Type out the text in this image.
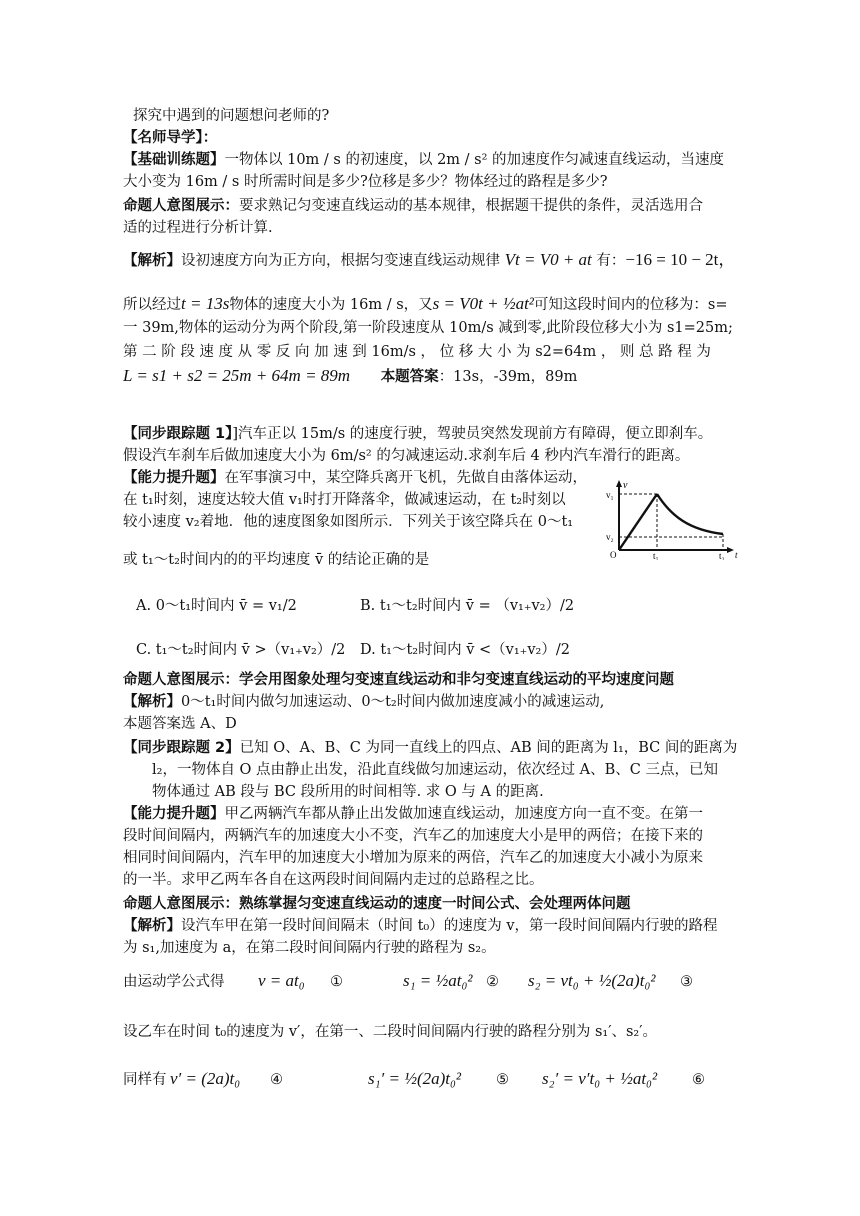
探究中遇到的问题想问老师的?
【名师导学】：
【基础训练题】一物体以 10m / s 的初速度，以 2m / s² 的加速度作匀减速直线运动，当速度
大小变为 16m / s 时所需时间是多少?位移是多少？物体经过的路程是多少?
命题人意图展示：要求熟记匀变速直线运动的基本规律，根据题干提供的条件，灵活选用合
适的过程进行分析计算.
【解析】设初速度方向为正方向，根据匀变速直线运动规律 Vt = V0 + at 有：−16 = 10 − 2t，
所以经过t = 13s物体的速度大小为 16m / s，又s = V0t + ½at²可知这段时间内的位移为：s=
一 39m,物体的运动分为两个阶段,第一阶段速度从 10m/s 减到零,此阶段位移大小为 s1=25m;
第 二 阶 段 速 度 从 零 反 向 加 速 到 16m/s ， 位 移 大 小 为 s2=64m ， 则 总 路 程 为
L = s1 + s2 = 25m + 64m = 89m 本题答案：13s，-39m，89m
【同步跟踪题 1】]汽车正以 15m/s 的速度行驶，驾驶员突然发现前方有障碍，便立即刹车。
假设汽车刹车后做加速度大小为 6m/s² 的匀减速运动.求刹车后 4 秒内汽车滑行的距离。
【能力提升题】在军事演习中，某空降兵离开飞机，先做自由落体运动，
在 t₁时刻，速度达较大值 v₁时打开降落伞，做减速运动，在 t₂时刻以
较小速度 v₂着地．他的速度图象如图所示．下列关于该空降兵在 0～t₁
或 t₁～t₂时间内的的平均速度 v̄ 的结论正确的是
v
v₁
v₂
O	t₁	t₂ t
A. 0～t₁时间内 v̄ = v₁/2	B. t₁～t₂时间内 v̄ = （v₁₊v₂）/2
C. t₁～t₂时间内 v̄ >（v₁₊v₂）/2 D. t₁～t₂时间内 v̄ <（v₁₊v₂）/2
命题人意图展示：学会用图象处理匀变速直线运动和非匀变速直线运动的平均速度问题
【解析】0～t₁时间内做匀加速运动、0～t₂时间内做加速度减小的减速运动,
本题答案选 A、D
【同步跟踪题 2】已知 O、A、B、C 为同一直线上的四点、AB 间的距离为 l₁，BC 间的距离为
l₂，一物体自 O 点由静止出发，沿此直线做匀加速运动，依次经过 A、B、C 三点，已知
物体通过 AB 段与 BC 段所用的时间相等. 求 O 与 A 的距离.
【能力提升题】甲乙两辆汽车都从静止出发做加速直线运动，加速度方向一直不变。在第一
段时间间隔内，两辆汽车的加速度大小不变，汽车乙的加速度大小是甲的两倍；在接下来的
相同时间间隔内，汽车甲的加速度大小增加为原来的两倍，汽车乙的加速度大小减小为原来
的一半。求甲乙两车各自在这两段时间间隔内走过的总路程之比。
命题人意图展示：熟练掌握匀变速直线运动的速度一时间公式、会处理两体问题
【解析】设汽车甲在第一段时间间隔末（时间 t₀）的速度为 v，第一段时间间隔内行驶的路程
为 s₁,加速度为 a，在第二段时间间隔内行驶的路程为 s₂。
由运动学公式得 v = at₀ ①	s₁ = ½at₀² ② s₂ = vt₀ + ½(2a)t₀² ③
设乙车在时间 t₀的速度为 v′，在第一、二段时间间隔内行驶的路程分别为 s₁′、s₂′。
同样有 v′ = (2a)t₀ ④	s₁′ = ½(2a)t₀² ⑤ s₂′ = v′t₀ + ½at₀² ⑥
